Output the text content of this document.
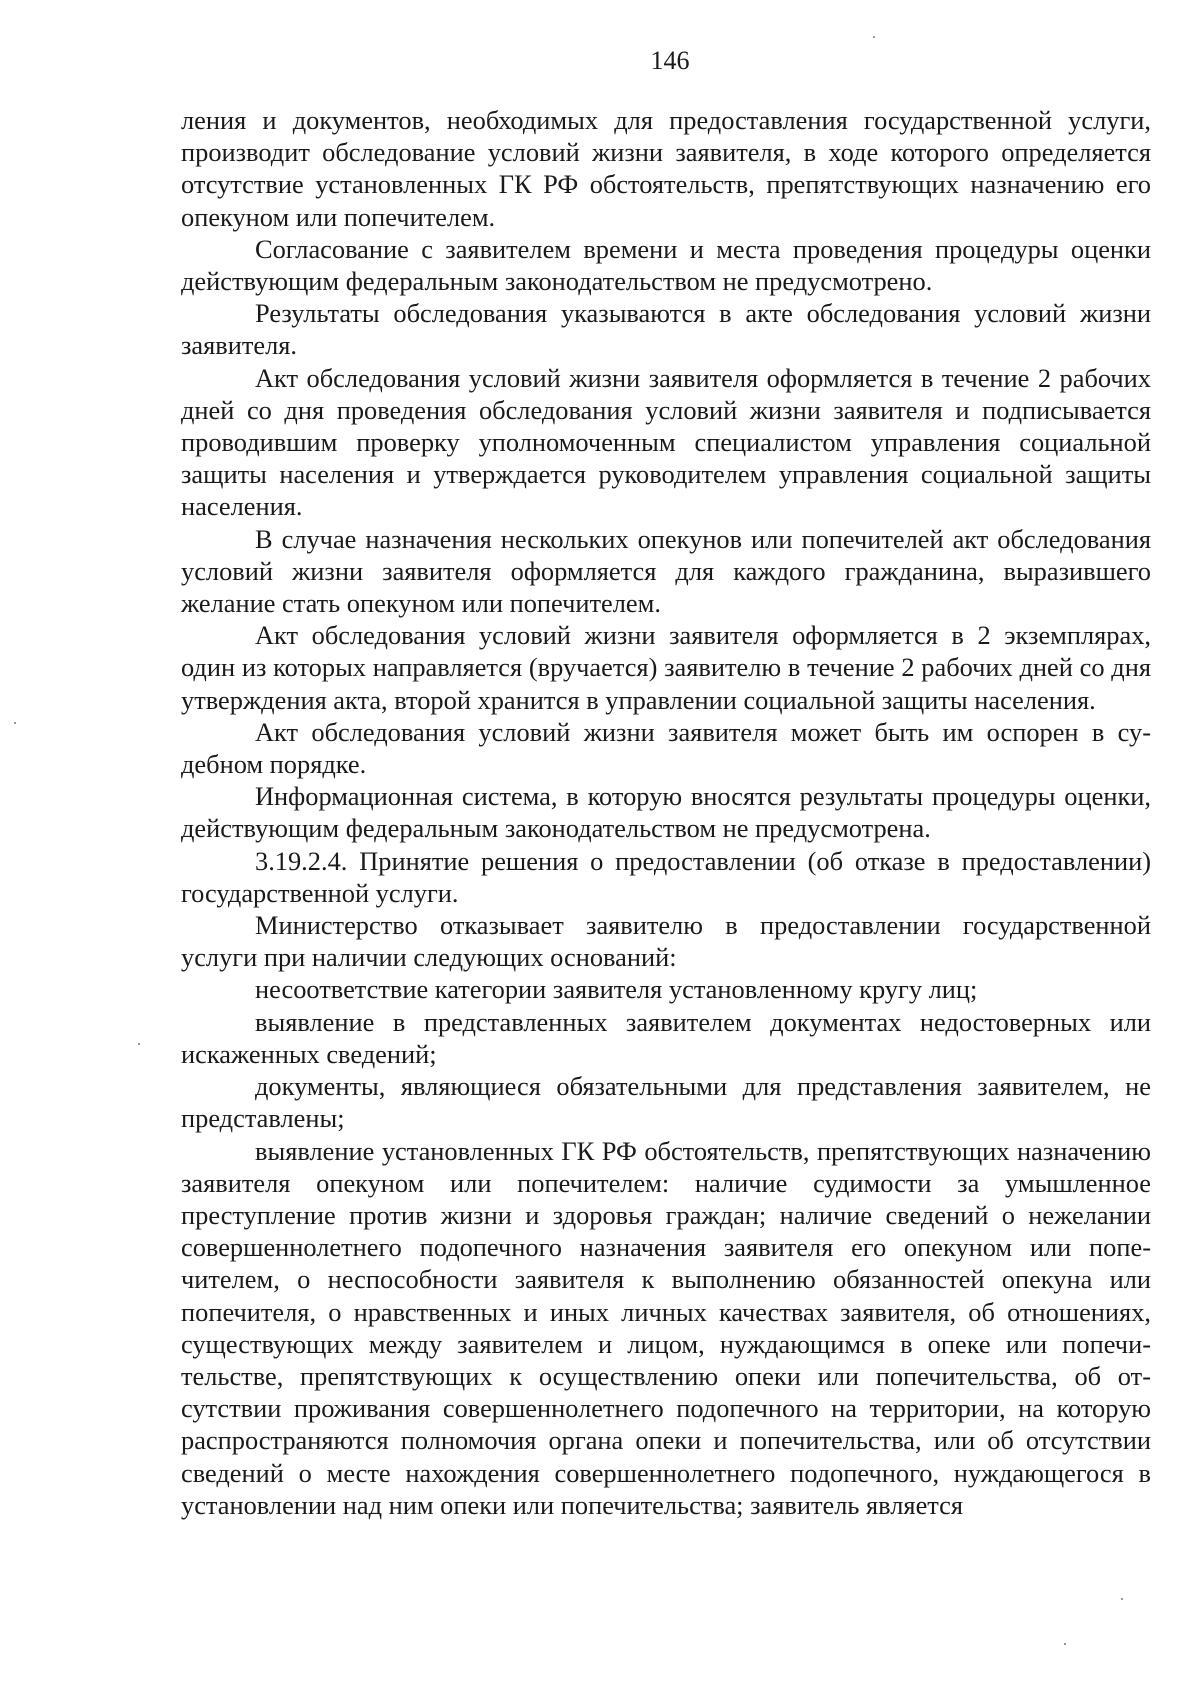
146

ления и документов, необходимых для предоставления государственной услуги, производит обследование условий жизни заявителя, в ходе которого определяется отсутствие установленных ГК РФ обстоятельств, препятствующих назначению его опекуном или попечителем.

Согласование с заявителем времени и места проведения процедуры оценки действующим федеральным законодательством не предусмотрено.

Результаты обследования указываются в акте обследования условий жизни заявителя.

Акт обследования условий жизни заявителя оформляется в течение 2 рабочих дней со дня проведения обследования условий жизни заявителя и подписывается проводившим проверку уполномоченным специалистом управления социальной защиты населения и утверждается руководителем управления социальной защиты населения.

В случае назначения нескольких опекунов или попечителей акт обследования условий жизни заявителя оформляется для каждого гражданина, выразившего желание стать опекуном или попечителем.

Акт обследования условий жизни заявителя оформляется в 2 экземплярах, один из которых направляется (вручается) заявителю в течение 2 рабочих дней со дня утверждения акта, второй хранится в управлении социальной защиты населения.

Акт обследования условий жизни заявителя может быть им оспорен в судебном порядке.

Информационная система, в которую вносятся результаты процедуры оценки, действующим федеральным законодательством не предусмотрена.

3.19.2.4. Принятие решения о предоставлении (об отказе в предоставлении) государственной услуги.

Министерство отказывает заявителю в предоставлении государственной услуги при наличии следующих оснований:

несоответствие категории заявителя установленному кругу лиц;

выявление в представленных заявителем документах недостоверных или искаженных сведений;

документы, являющиеся обязательными для представления заявителем, не представлены;

выявление установленных ГК РФ обстоятельств, препятствующих назначению заявителя опекуном или попечителем: наличие судимости за умышленное преступление против жизни и здоровья граждан; наличие сведений о нежелании совершеннолетнего подопечного назначения заявителя его опекуном или попечителем, о неспособности заявителя к выполнению обязанностей опекуна или попечителя, о нравственных и иных личных качествах заявителя, об отношениях, существующих между заявителем и лицом, нуждающимся в опеке или попечительстве, препятствующих к осуществлению опеки или попечительства, об отсутствии проживания совершеннолетнего подопечного на территории, на которую распространяются полномочия органа опеки и попечительства, или об отсутствии сведений о месте нахождения совершеннолетнего подопечного, нуждающегося в установлении над ним опеки или попечительства; заявитель является
